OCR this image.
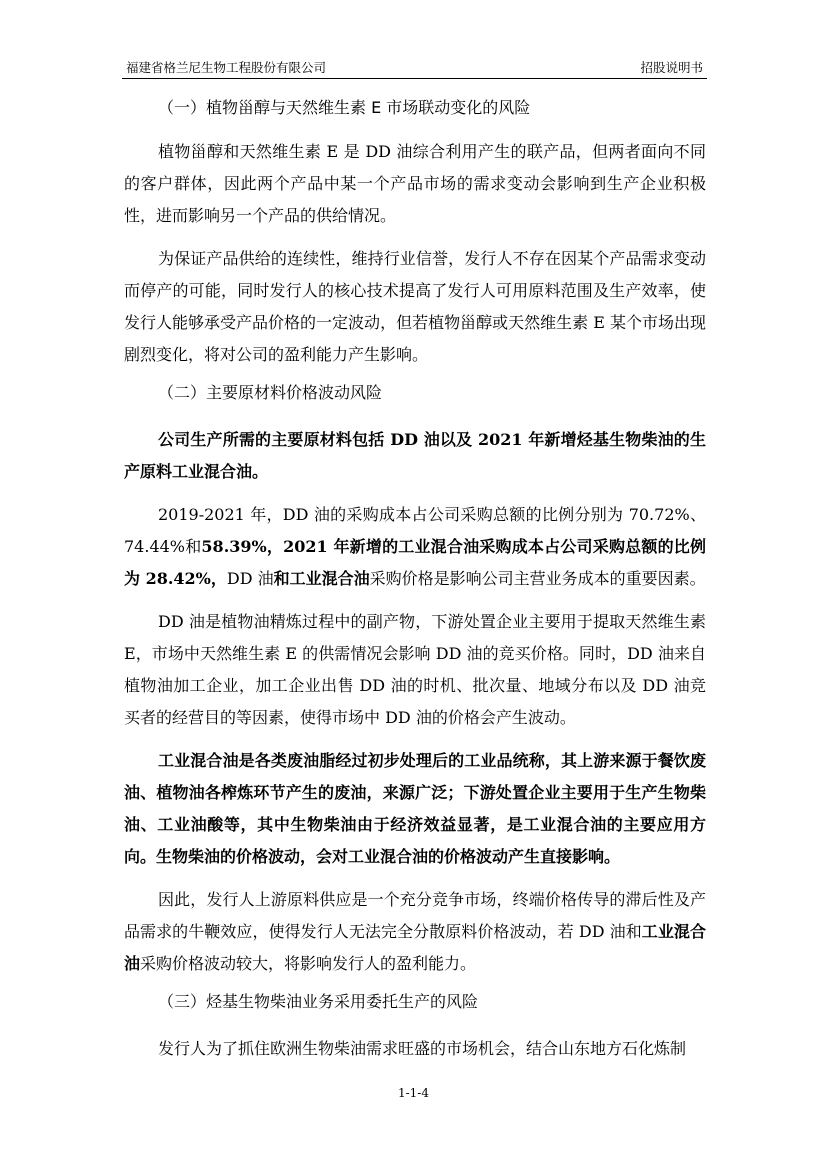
福建省格兰尼生物工程股份有限公司	招股说明书
（一）植物甾醇与天然维生素 E 市场联动变化的风险

植物甾醇和天然维生素 E 是 DD 油综合利用产生的联产品，但两者面向不同的客户群体，因此两个产品中某一个产品市场的需求变动会影响到生产企业积极性，进而影响另一个产品的供给情况。

为保证产品供给的连续性，维持行业信誉，发行人不存在因某个产品需求变动而停产的可能，同时发行人的核心技术提高了发行人可用原料范围及生产效率，使发行人能够承受产品价格的一定波动，但若植物甾醇或天然维生素 E 某个市场出现剧烈变化，将对公司的盈利能力产生影响。

（二）主要原材料价格波动风险

公司生产所需的主要原材料包括 DD 油以及 2021 年新增烃基生物柴油的生产原料工业混合油。

2019-2021 年，DD 油的采购成本占公司采购总额的比例分别为 70.72%、74.44%和58.39%，2021 年新增的工业混合油采购成本占公司采购总额的比例为 28.42%，DD 油和工业混合油采购价格是影响公司主营业务成本的重要因素。

DD 油是植物油精炼过程中的副产物，下游处置企业主要用于提取天然维生素 E，市场中天然维生素 E 的供需情况会影响 DD 油的竞买价格。同时，DD 油来自植物油加工企业，加工企业出售 DD 油的时机、批次量、地域分布以及 DD 油竞买者的经营目的等因素，使得市场中 DD 油的价格会产生波动。

工业混合油是各类废油脂经过初步处理后的工业品统称，其上游来源于餐饮废油、植物油各榨炼环节产生的废油，来源广泛；下游处置企业主要用于生产生物柴油、工业油酸等，其中生物柴油由于经济效益显著，是工业混合油的主要应用方向。生物柴油的价格波动，会对工业混合油的价格波动产生直接影响。

因此，发行人上游原料供应是一个充分竞争市场，终端价格传导的滞后性及产品需求的牛鞭效应，使得发行人无法完全分散原料价格波动，若 DD 油和工业混合油采购价格波动较大，将影响发行人的盈利能力。

（三）烃基生物柴油业务采用委托生产的风险

发行人为了抓住欧洲生物柴油需求旺盛的市场机会，结合山东地方石化炼制

1-1-4
